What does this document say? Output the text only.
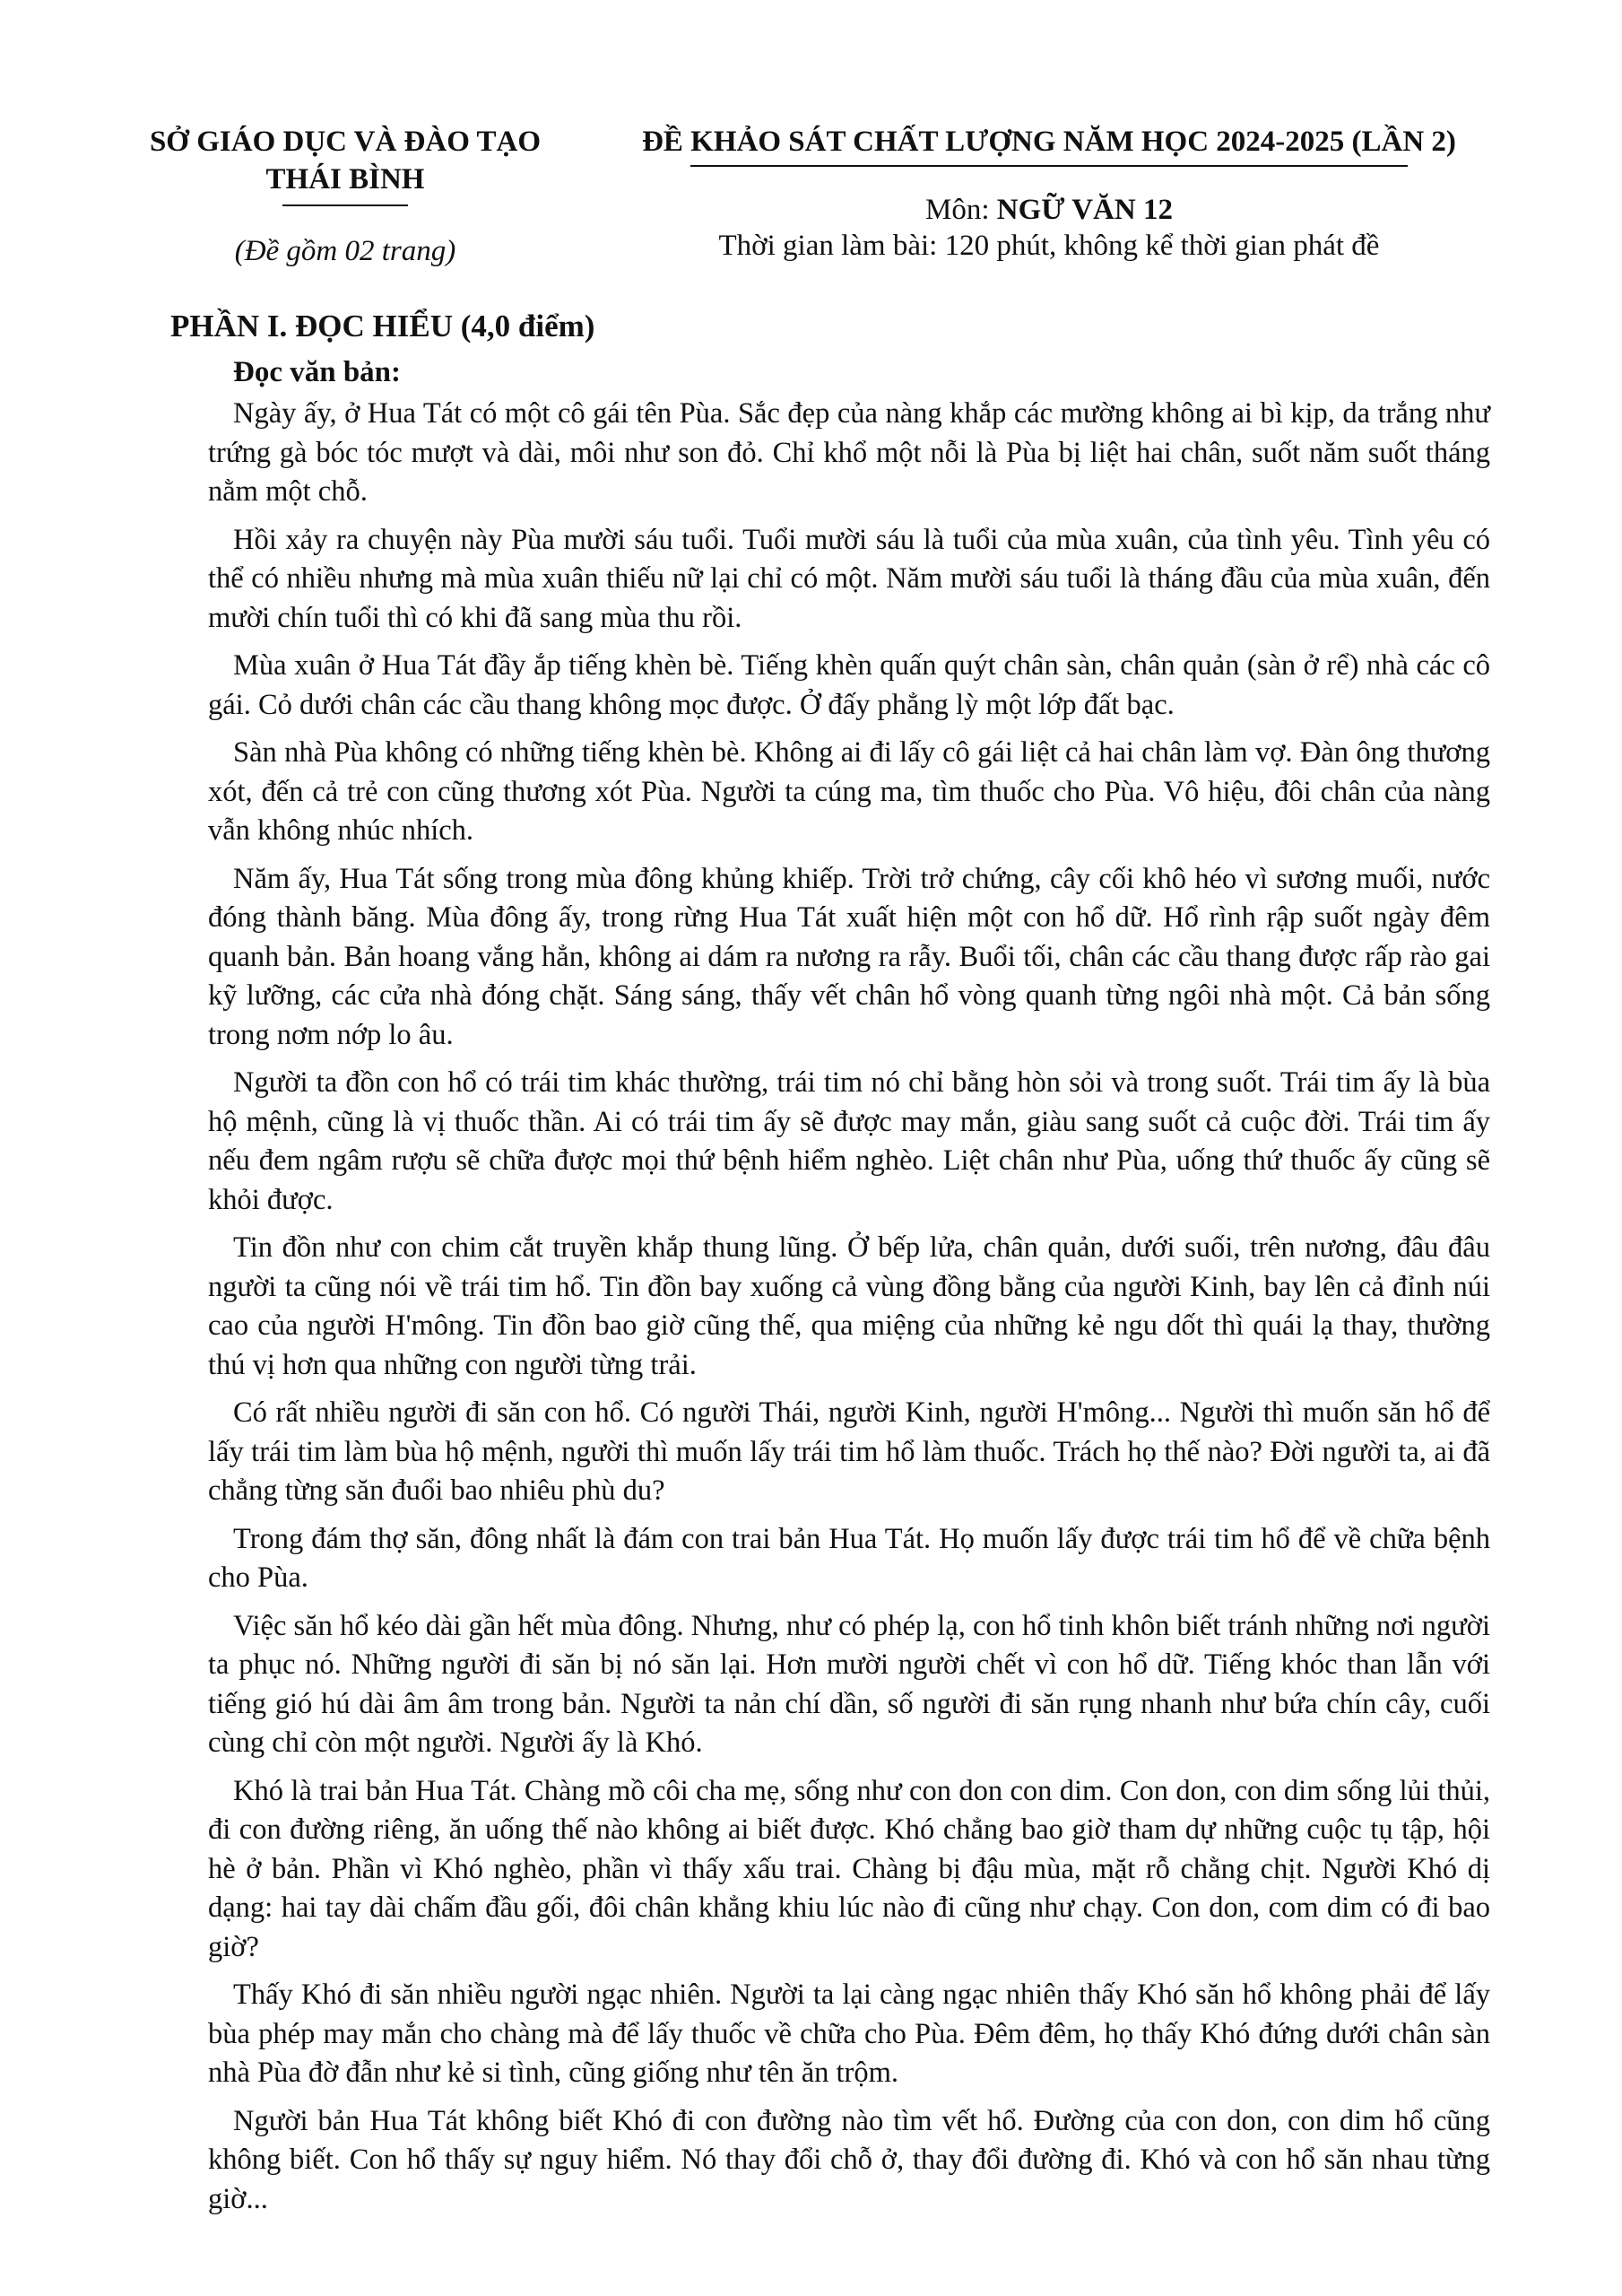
SỞ GIÁO DỤC VÀ ĐÀO TẠO
THÁI BÌNH
(Đề gồm 02 trang)
ĐỀ KHẢO SÁT CHẤT LƯỢNG NĂM HỌC 2024-2025 (LẦN 2)
Môn: NGỮ VĂN 12
Thời gian làm bài: 120 phút, không kể thời gian phát đề
PHẦN I. ĐỌC HIỂU (4,0 điểm)
Đọc văn bản:

Ngày ấy, ở Hua Tát có một cô gái tên Pùa. Sắc đẹp của nàng khắp các mường không ai bì kịp, da trắng như trứng gà bóc tóc mượt và dài, môi như son đỏ. Chỉ khổ một nỗi là Pùa bị liệt hai chân, suốt năm suốt tháng nằm một chỗ.

Hồi xảy ra chuyện này Pùa mười sáu tuổi. Tuổi mười sáu là tuổi của mùa xuân, của tình yêu. Tình yêu có thể có nhiều nhưng mà mùa xuân thiếu nữ lại chỉ có một. Năm mười sáu tuổi là tháng đầu của mùa xuân, đến mười chín tuổi thì có khi đã sang mùa thu rồi.

Mùa xuân ở Hua Tát đầy ắp tiếng khèn bè. Tiếng khèn quấn quýt chân sàn, chân quản (sàn ở rể) nhà các cô gái. Cỏ dưới chân các cầu thang không mọc được. Ở đấy phẳng lỳ một lớp đất bạc.

Sàn nhà Pùa không có những tiếng khèn bè. Không ai đi lấy cô gái liệt cả hai chân làm vợ. Đàn ông thương xót, đến cả trẻ con cũng thương xót Pùa. Người ta cúng ma, tìm thuốc cho Pùa. Vô hiệu, đôi chân của nàng vẫn không nhúc nhích.

Năm ấy, Hua Tát sống trong mùa đông khủng khiếp. Trời trở chứng, cây cối khô héo vì sương muối, nước đóng thành băng. Mùa đông ấy, trong rừng Hua Tát xuất hiện một con hổ dữ. Hổ rình rập suốt ngày đêm quanh bản. Bản hoang vắng hẳn, không ai dám ra nương ra rẫy. Buổi tối, chân các cầu thang được rấp rào gai kỹ lưỡng, các cửa nhà đóng chặt. Sáng sáng, thấy vết chân hổ vòng quanh từng ngôi nhà một. Cả bản sống trong nơm nớp lo âu.

Người ta đồn con hổ có trái tim khác thường, trái tim nó chỉ bằng hòn sỏi và trong suốt. Trái tim ấy là bùa hộ mệnh, cũng là vị thuốc thần. Ai có trái tim ấy sẽ được may mắn, giàu sang suốt cả cuộc đời. Trái tim ấy nếu đem ngâm rượu sẽ chữa được mọi thứ bệnh hiểm nghèo. Liệt chân như Pùa, uống thứ thuốc ấy cũng sẽ khỏi được.

Tin đồn như con chim cắt truyền khắp thung lũng. Ở bếp lửa, chân quản, dưới suối, trên nương, đâu đâu người ta cũng nói về trái tim hổ. Tin đồn bay xuống cả vùng đồng bằng của người Kinh, bay lên cả đỉnh núi cao của người H'mông. Tin đồn bao giờ cũng thế, qua miệng của những kẻ ngu dốt thì quái lạ thay, thường thú vị hơn qua những con người từng trải.

Có rất nhiều người đi săn con hổ. Có người Thái, người Kinh, người H'mông... Người thì muốn săn hổ để lấy trái tim làm bùa hộ mệnh, người thì muốn lấy trái tim hổ làm thuốc. Trách họ thế nào? Đời người ta, ai đã chẳng từng săn đuổi bao nhiêu phù du?

Trong đám thợ săn, đông nhất là đám con trai bản Hua Tát. Họ muốn lấy được trái tim hổ để về chữa bệnh cho Pùa.

Việc săn hổ kéo dài gần hết mùa đông. Nhưng, như có phép lạ, con hổ tinh khôn biết tránh những nơi người ta phục nó. Những người đi săn bị nó săn lại. Hơn mười người chết vì con hổ dữ. Tiếng khóc than lẫn với tiếng gió hú dài âm âm trong bản. Người ta nản chí dần, số người đi săn rụng nhanh như bứa chín cây, cuối cùng chỉ còn một người. Người ấy là Khó.

Khó là trai bản Hua Tát. Chàng mồ côi cha mẹ, sống như con don con dim. Con don, con dim sống lủi thủi, đi con đường riêng, ăn uống thế nào không ai biết được. Khó chẳng bao giờ tham dự những cuộc tụ tập, hội hè ở bản. Phần vì Khó nghèo, phần vì thấy xấu trai. Chàng bị đậu mùa, mặt rỗ chằng chịt. Người Khó dị dạng: hai tay dài chấm đầu gối, đôi chân khẳng khiu lúc nào đi cũng như chạy. Con don, com dim có đi bao giờ?

Thấy Khó đi săn nhiều người ngạc nhiên. Người ta lại càng ngạc nhiên thấy Khó săn hổ không phải để lấy bùa phép may mắn cho chàng mà để lấy thuốc về chữa cho Pùa. Đêm đêm, họ thấy Khó đứng dưới chân sàn nhà Pùa đờ đẫn như kẻ si tình, cũng giống như tên ăn trộm.

Người bản Hua Tát không biết Khó đi con đường nào tìm vết hổ. Đường của con don, con dim hổ cũng không biết. Con hổ thấy sự nguy hiểm. Nó thay đổi chỗ ở, thay đổi đường đi. Khó và con hổ săn nhau từng giờ...
